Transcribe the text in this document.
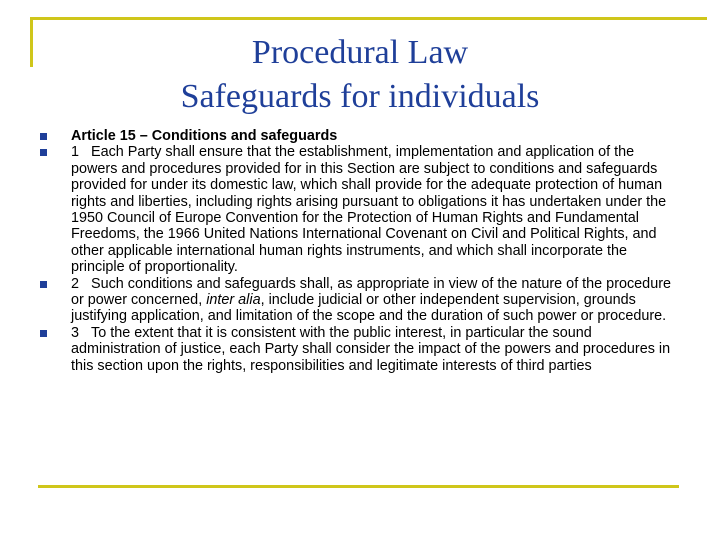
Procedural Law
Safeguards for individuals
Article 15 – Conditions and safeguards
1   Each Party shall ensure that the establishment, implementation and application of the powers and procedures provided for in this Section are subject to conditions and safeguards provided for under its domestic law, which shall provide for the adequate protection of human rights and liberties, including rights arising pursuant to obligations it has undertaken under the 1950 Council of Europe Convention for the Protection of Human Rights and Fundamental Freedoms, the 1966 United Nations International Covenant on Civil and Political Rights, and other applicable international human rights instruments, and which shall incorporate the principle of proportionality.
2   Such conditions and safeguards shall, as appropriate in view of the nature of the procedure or power concerned, inter alia, include judicial or other independent supervision, grounds justifying application, and limitation of the scope and the duration of such power or procedure.
3   To the extent that it is consistent with the public interest, in particular the sound administration of justice, each Party shall consider the impact of the powers and procedures in this section upon the rights, responsibilities and legitimate interests of third parties
